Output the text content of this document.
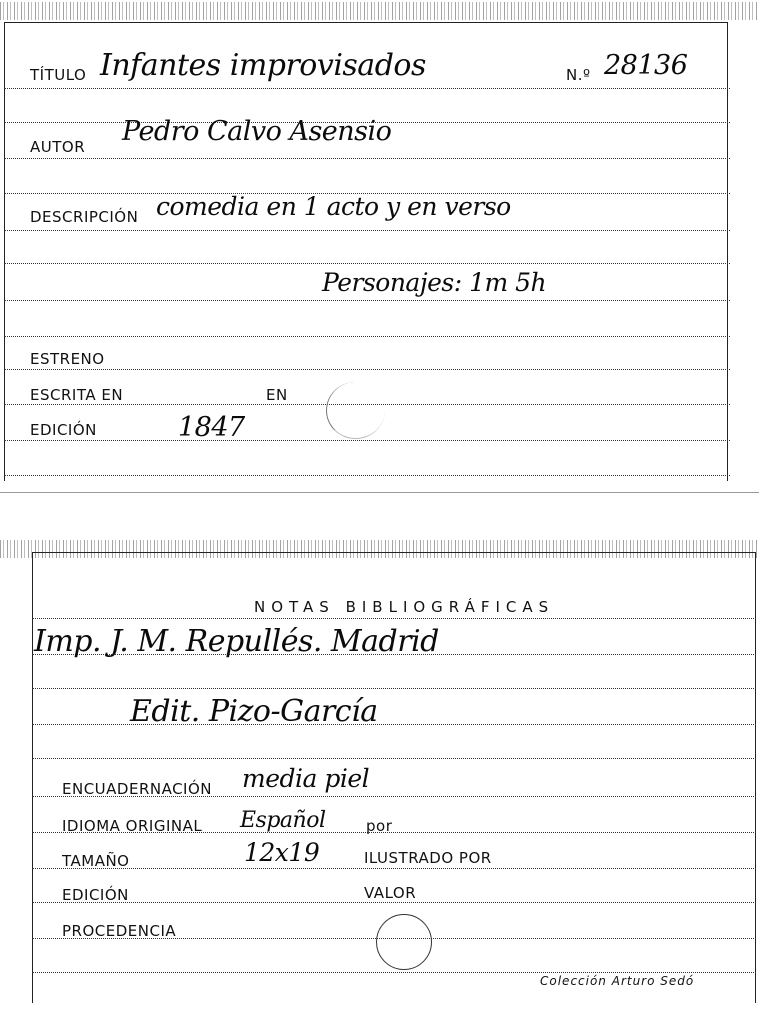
TÍTULO Infantes improvisados	N.º 28136
AUTOR Pedro Calvo Asensio
DESCRIPCIÓN comedia en 1 acto y en verso
Personajes: 1m 5h
ESTRENO
ESCRITA EN	EN
EDICIÓN	1847
NOTAS BIBLIOGRÁFICAS
Imp. J. M. Repullés. Madrid
Edit. Pizo-García
ENCUADERNACIÓN media piel
IDIOMA ORIGINAL Español	por
TAMAÑO	12x19	ILUSTRADO POR
EDICIÓN	VALOR
PROCEDENCIA
Colección Arturo Sedó
